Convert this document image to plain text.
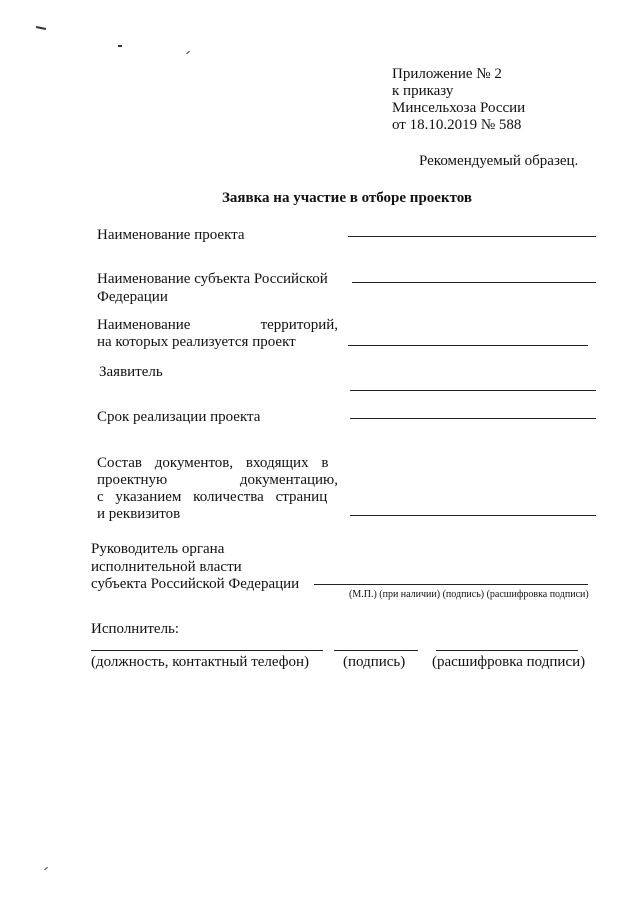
Приложение № 2
к приказу
Минсельхоза России
от 18.10.2019 № 588
Рекомендуемый образец.
Заявка на участие в отборе проектов
Наименование проекта
Наименование субъекта Российской
Федерации
Наименование	территорий,
на которых реализуется проект
Заявитель
Срок реализации проекта
Состав документов, входящих в
проектную	документацию,
с указанием количества страниц
и реквизитов
Руководитель органа
исполнительной власти
субъекта Российской Федерации
(М.П.) (при наличии) (подпись) (расшифровка подписи)
Исполнитель:
(должность, контактный телефон) (подпись) (расшифровка подписи)
